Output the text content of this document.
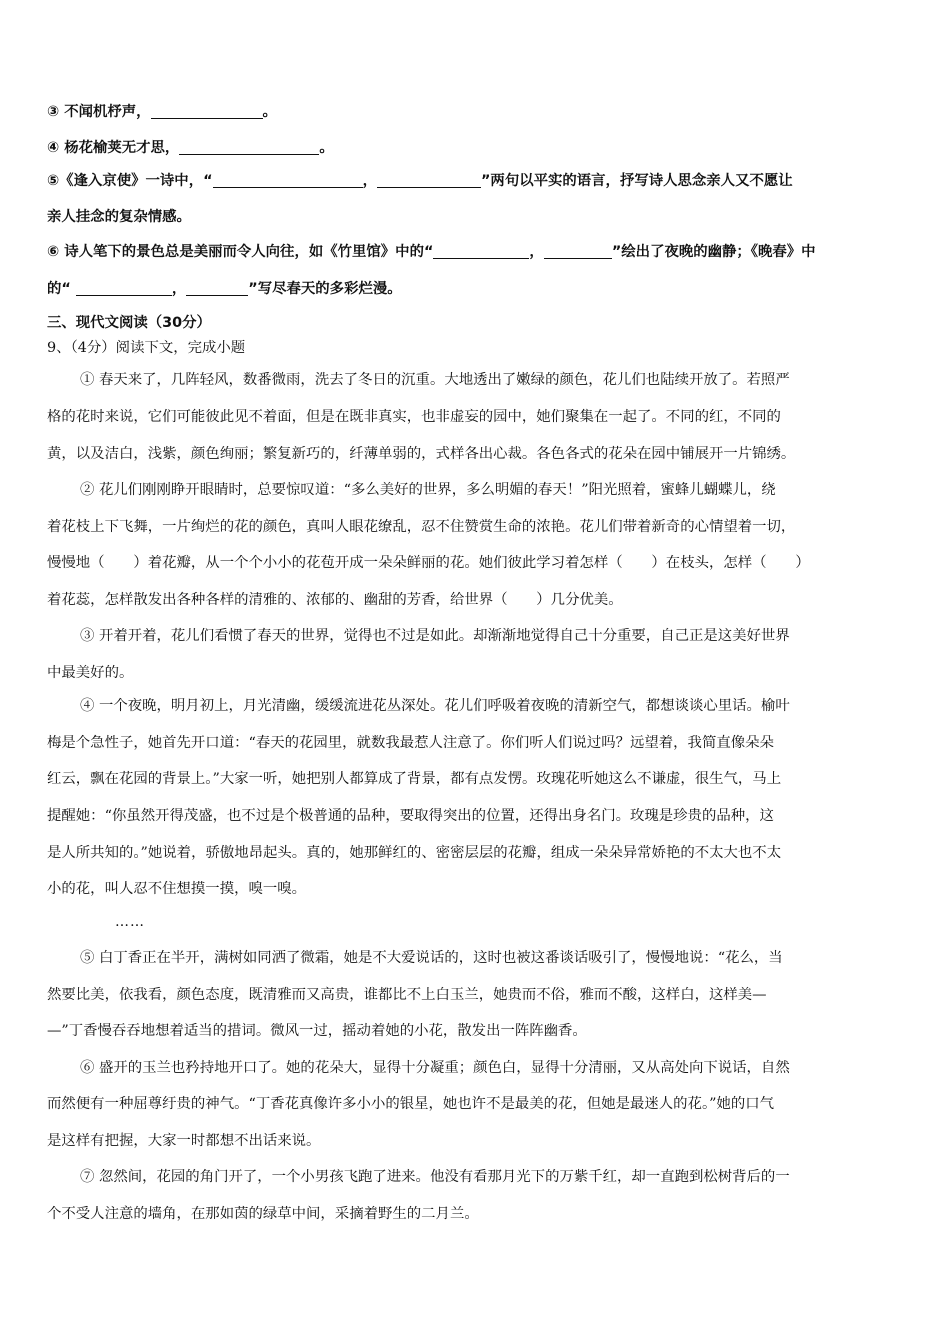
③ 不闻机杼声，	。
④ 杨花榆荚无才思，	。
⑤《逢入京使》一诗中，“	，	”两句以平实的语言，抒写诗人思念亲人又不愿让
亲人挂念的复杂情感。
⑥ 诗人笔下的景色总是美丽而令人向往，如《竹里馆》中的“	，	”绘出了夜晚的幽静；《晚春》中
的“	，	”写尽春天的多彩烂漫。
三、现代文阅读（30分）
9、（4分）阅读下文，完成小题
① 春天来了，几阵轻风，数番微雨，洗去了冬日的沉重。大地透出了嫩绿的颜色，花儿们也陆续开放了。若照严
格的花时来说，它们可能彼此见不着面，但是在既非真实，也非虚妄的园中，她们聚集在一起了。不同的红，不同的
黄，以及洁白，浅紫，颜色绚丽；繁复新巧的，纤薄单弱的，式样各出心裁。各色各式的花朵在园中铺展开一片锦绣。
② 花儿们刚刚睁开眼睛时，总要惊叹道：“多么美好的世界，多么明媚的春天！”阳光照着，蜜蜂儿蝴蝶儿，绕
着花枝上下飞舞，一片绚烂的花的颜色，真叫人眼花缭乱，忍不住赞赏生命的浓艳。花儿们带着新奇的心情望着一切，
慢慢地（　　）着花瓣，从一个个小小的花苞开成一朵朵鲜丽的花。她们彼此学习着怎样（　　）在枝头，怎样（　　）
着花蕊，怎样散发出各种各样的清雅的、浓郁的、幽甜的芳香，给世界（　　）几分优美。
③ 开着开着，花儿们看惯了春天的世界，觉得也不过是如此。却渐渐地觉得自己十分重要，自己正是这美好世界
中最美好的。
④ 一个夜晚，明月初上，月光清幽，缓缓流进花丛深处。花儿们呼吸着夜晚的清新空气，都想谈谈心里话。榆叶
梅是个急性子，她首先开口道：“春天的花园里，就数我最惹人注意了。你们听人们说过吗？远望着，我简直像朵朵
红云，飘在花园的背景上。”大家一听，她把别人都算成了背景，都有点发愣。玫瑰花听她这么不谦虚，很生气，马上
提醒她：“你虽然开得茂盛，也不过是个极普通的品种，要取得突出的位置，还得出身名门。玫瑰是珍贵的品种，这
是人所共知的。”她说着，骄傲地昂起头。真的，她那鲜红的、密密层层的花瓣，组成一朵朵异常娇艳的不太大也不太
小的花，叫人忍不住想摸一摸，嗅一嗅。
……
⑤ 白丁香正在半开，满树如同洒了微霜，她是不大爱说话的，这时也被这番谈话吸引了，慢慢地说：“花么，当
然要比美，依我看，颜色态度，既清雅而又高贵，谁都比不上白玉兰，她贵而不俗，雅而不酸，这样白，这样美—
—”丁香慢吞吞地想着适当的措词。微风一过，摇动着她的小花，散发出一阵阵幽香。
⑥ 盛开的玉兰也矜持地开口了。她的花朵大，显得十分凝重；颜色白，显得十分清丽，又从高处向下说话，自然
而然便有一种屈尊纡贵的神气。“丁香花真像许多小小的银星，她也许不是最美的花，但她是最迷人的花。”她的口气
是这样有把握，大家一时都想不出话来说。
⑦ 忽然间，花园的角门开了，一个小男孩飞跑了进来。他没有看那月光下的万紫千红，却一直跑到松树背后的一
个不受人注意的墙角，在那如茵的绿草中间，采摘着野生的二月兰。
